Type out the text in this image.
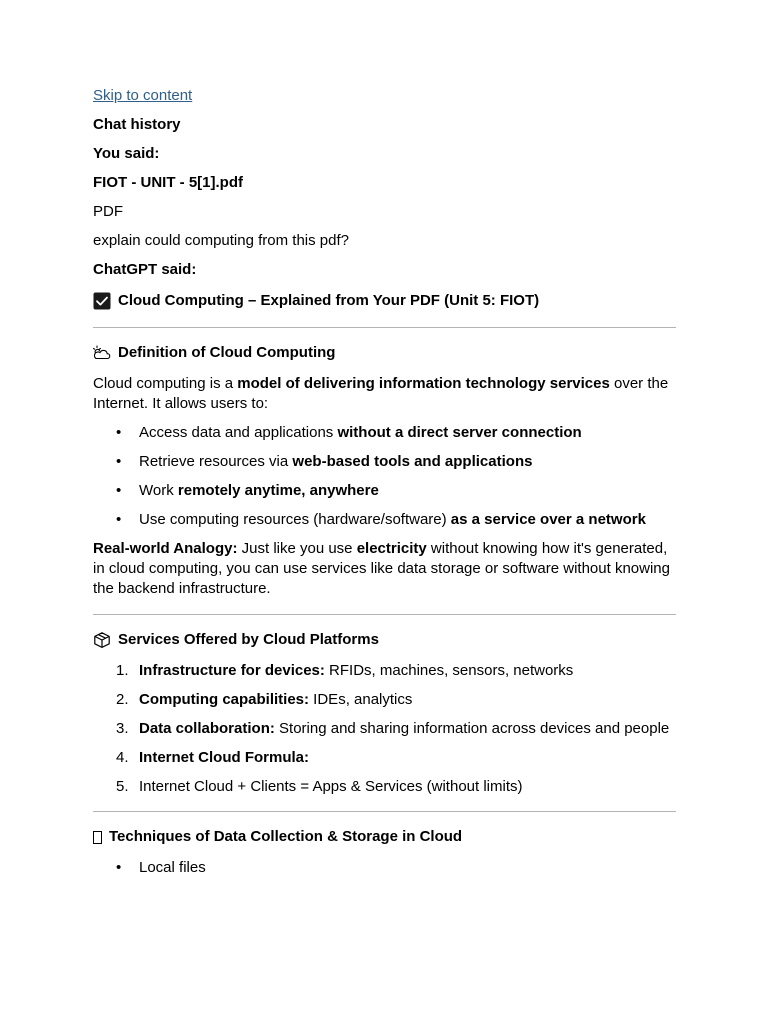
Skip to content
Chat history
You said:
FIOT - UNIT - 5[1].pdf
PDF
explain could computing from this pdf?
ChatGPT said:
Cloud Computing – Explained from Your PDF (Unit 5: FIOT)
Definition of Cloud Computing
Cloud computing is a model of delivering information technology services over the Internet. It allows users to:
• Access data and applications without a direct server connection
• Retrieve resources via web-based tools and applications
• Work remotely anytime, anywhere
• Use computing resources (hardware/software) as a service over a network
Real-world Analogy: Just like you use electricity without knowing how it's generated, in cloud computing, you can use services like data storage or software without knowing the backend infrastructure.
Services Offered by Cloud Platforms
1. Infrastructure for devices: RFIDs, machines, sensors, networks
2. Computing capabilities: IDEs, analytics
3. Data collaboration: Storing and sharing information across devices and people
4. Internet Cloud Formula:
5. Internet Cloud + Clients = Apps & Services (without limits)
Techniques of Data Collection & Storage in Cloud
• Local files
